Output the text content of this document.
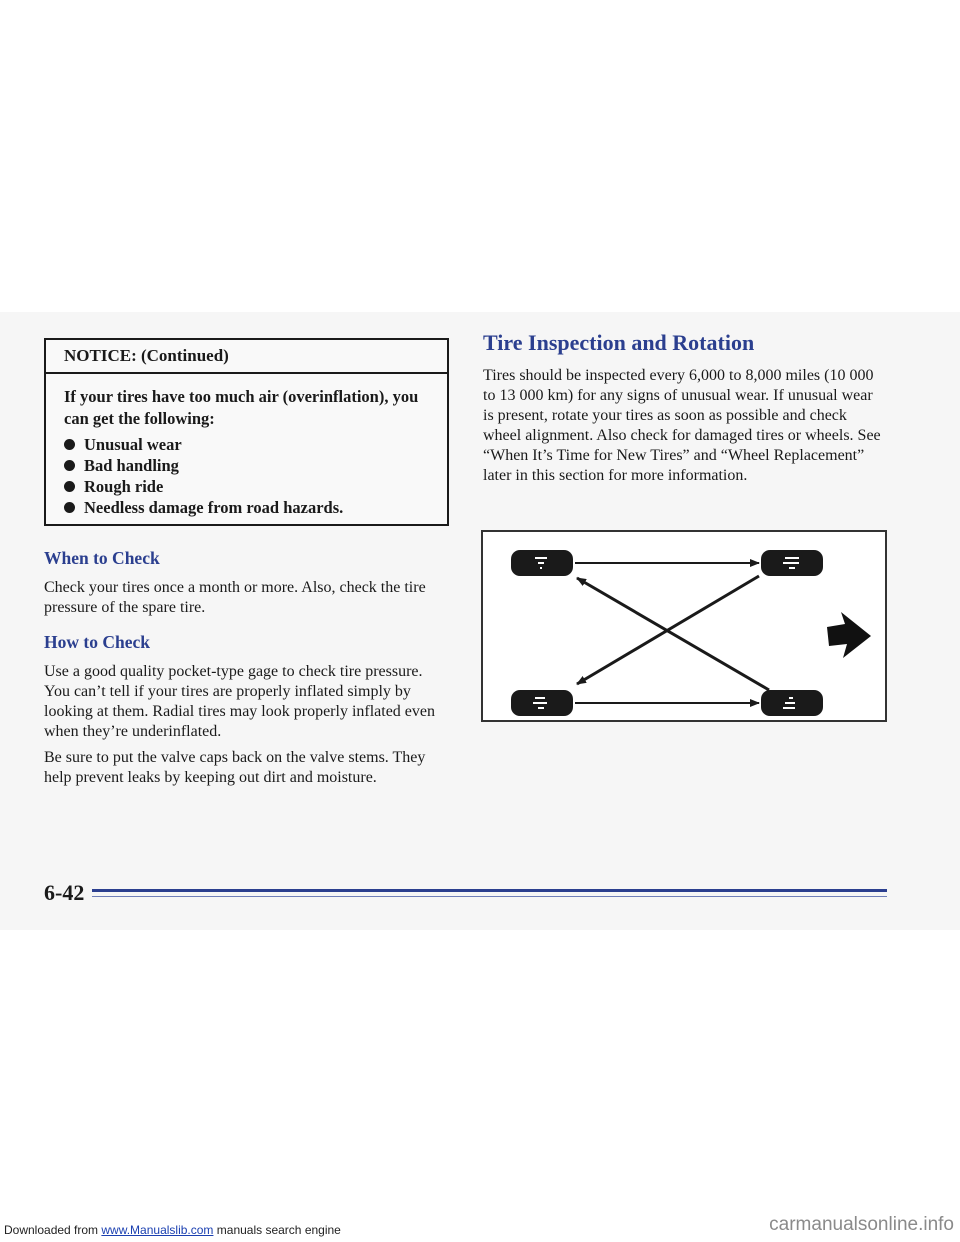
NOTICE: (Continued)
If your tires have too much air (overinflation), you can get the following:
Unusual wear
Bad handling
Rough ride
Needless damage from road hazards.
When to Check

Check your tires once a month or more. Also, check the tire pressure of the spare tire.

How to Check

Use a good quality pocket-type gage to check tire pressure. You can’t tell if your tires are properly inflated simply by looking at them. Radial tires may look properly inflated even when they’re underinflated.

Be sure to put the valve caps back on the valve stems. They help prevent leaks by keeping out dirt and moisture.

Tire Inspection and Rotation

Tires should be inspected every 6,000 to 8,000 miles (10 000 to 13 000 km) for any signs of unusual wear. If unusual wear is present, rotate your tires as soon as possible and check wheel alignment. Also check for damaged tires or wheels. See “When It’s Time for New Tires” and “Wheel Replacement” later in this section for more information.

6-42
Downloaded from www.Manualslib.com manuals search engine	carmanualsonline.info
